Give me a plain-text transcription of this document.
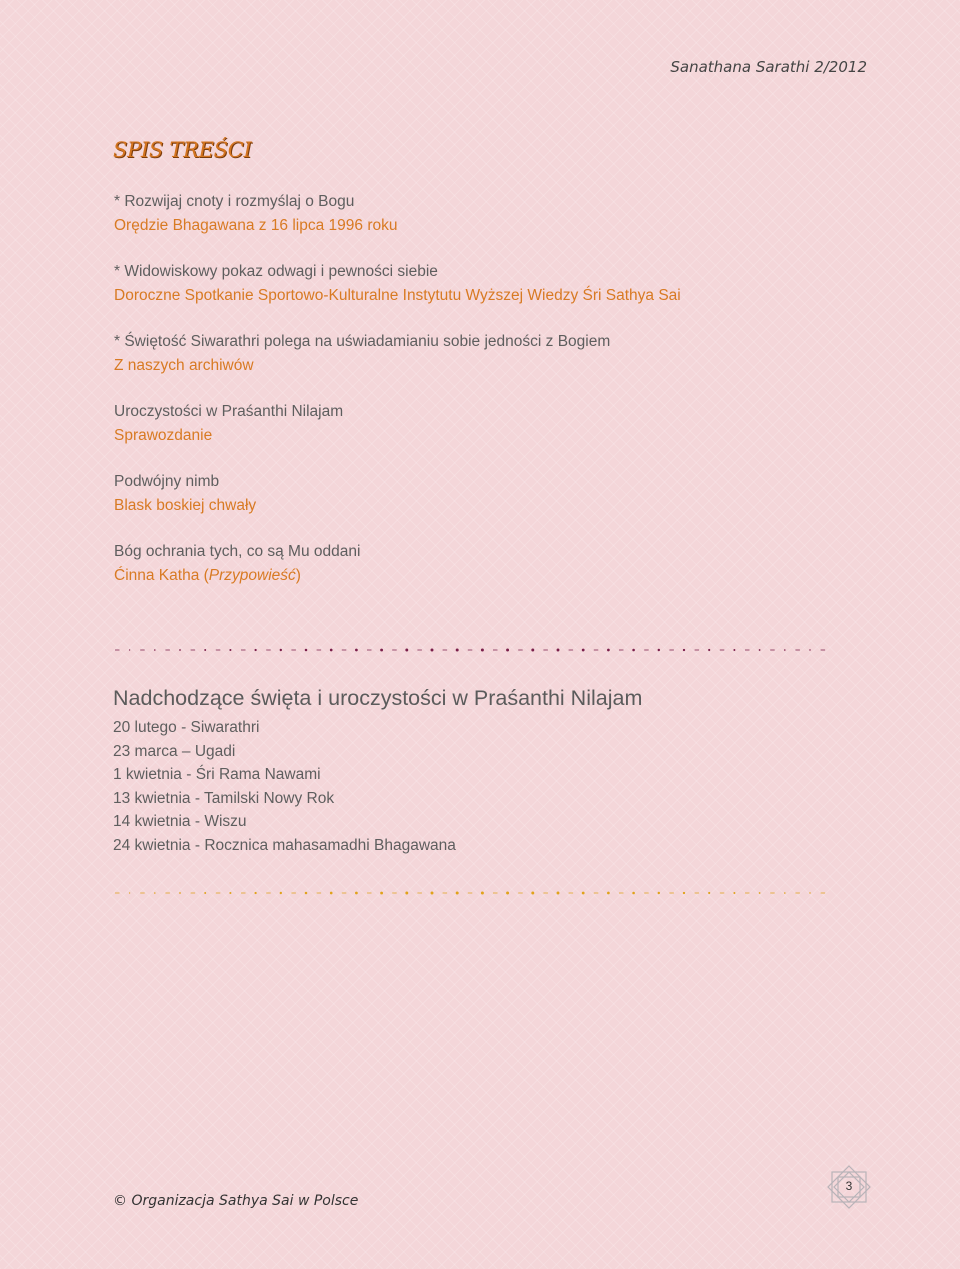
Sanathana Sarathi 2/2012
SPIS TREŚCI
* Rozwijaj cnoty i rozmyślaj o Bogu
Orędzie Bhagawana z 16 lipca 1996 roku
* Widowiskowy pokaz odwagi i pewności siebie
Doroczne Spotkanie Sportowo-Kulturalne Instytutu Wyższej Wiedzy Śri Sathya Sai
* Świętość Siwarathri polega na uświadamianiu sobie jedności z Bogiem
Z naszych archiwów
Uroczystości w Praśanthi Nilajam
Sprawozdanie
Podwójny nimb
Blask boskiej chwały
Bóg ochrania tych, co są Mu oddani
Ćinna Katha (Przypowieść)
Nadchodzące święta i uroczystości w Praśanthi Nilajam
20 lutego - Siwarathri
23 marca – Ugadi
1 kwietnia - Śri Rama Nawami
13 kwietnia - Tamilski Nowy Rok
14 kwietnia - Wiszu
24 kwietnia - Rocznica mahasamadhi Bhagawana
© Organizacja Sathya Sai w Polsce
3
